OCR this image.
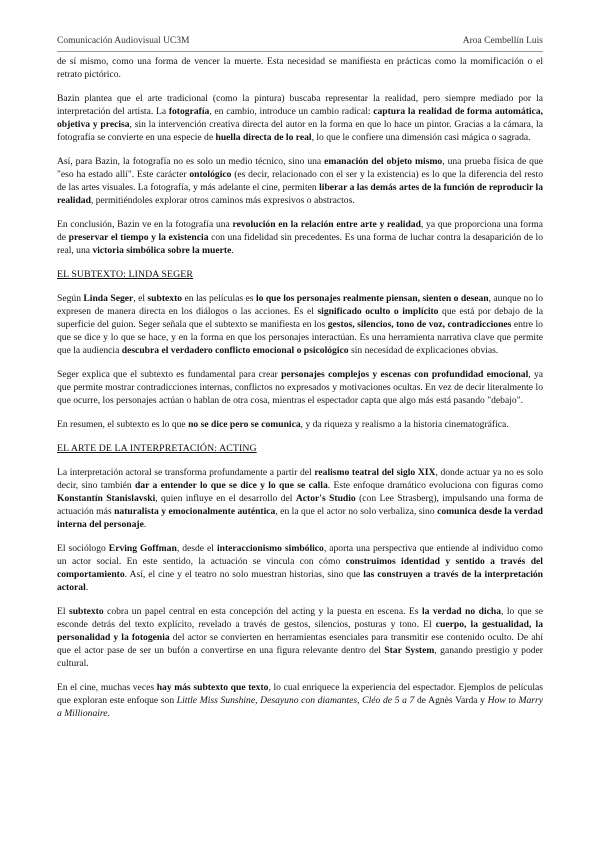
Comunicación Audiovisual UC3M	Aroa Cembellín Luis

de sí mismo, como una forma de vencer la muerte. Esta necesidad se manifiesta en prácticas como la momificación o el retrato pictórico.

Bazin plantea que el arte tradicional (como la pintura) buscaba representar la realidad, pero siempre mediado por la interpretación del artista. La fotografía, en cambio, introduce un cambio radical: captura la realidad de forma automática, objetiva y precisa, sin la intervención creativa directa del autor en la forma en que lo hace un pintor. Gracias a la cámara, la fotografía se convierte en una especie de huella directa de lo real, lo que le confiere una dimensión casi mágica o sagrada.

Así, para Bazin, la fotografía no es solo un medio técnico, sino una emanación del objeto mismo, una prueba física de que "eso ha estado allí". Este carácter ontológico (es decir, relacionado con el ser y la existencia) es lo que la diferencia del resto de las artes visuales. La fotografía, y más adelante el cine, permiten liberar a las demás artes de la función de reproducir la realidad, permitiéndoles explorar otros caminos más expresivos o abstractos.

En conclusión, Bazin ve en la fotografía una revolución en la relación entre arte y realidad, ya que proporciona una forma de preservar el tiempo y la existencia con una fidelidad sin precedentes. Es una forma de luchar contra la desaparición de lo real, una victoria simbólica sobre la muerte.

EL SUBTEXTO: LINDA SEGER

Según Linda Seger, el subtexto en las películas es lo que los personajes realmente piensan, sienten o desean, aunque no lo expresen de manera directa en los diálogos o las acciones. Es el significado oculto o implícito que está por debajo de la superficie del guion. Seger señala que el subtexto se manifiesta en los gestos, silencios, tono de voz, contradicciones entre lo que se dice y lo que se hace, y en la forma en que los personajes interactúan. Es una herramienta narrativa clave que permite que la audiencia descubra el verdadero conflicto emocional o psicológico sin necesidad de explicaciones obvias.

Seger explica que el subtexto es fundamental para crear personajes complejos y escenas con profundidad emocional, ya que permite mostrar contradicciones internas, conflictos no expresados y motivaciones ocultas. En vez de decir literalmente lo que ocurre, los personajes actúan o hablan de otra cosa, mientras el espectador capta que algo más está pasando "debajo".

En resumen, el subtexto es lo que no se dice pero se comunica, y da riqueza y realismo a la historia cinematográfica.

EL ARTE DE LA INTERPRETACIÓN: ACTING

La interpretación actoral se transforma profundamente a partir del realismo teatral del siglo XIX, donde actuar ya no es solo decir, sino también dar a entender lo que se dice y lo que se calla. Este enfoque dramático evoluciona con figuras como Konstantín Stanislavski, quien influye en el desarrollo del Actor's Studio (con Lee Strasberg), impulsando una forma de actuación más naturalista y emocionalmente auténtica, en la que el actor no solo verbaliza, sino comunica desde la verdad interna del personaje.

El sociólogo Erving Goffman, desde el interaccionismo simbólico, aporta una perspectiva que entiende al individuo como un actor social. En este sentido, la actuación se vincula con cómo construimos identidad y sentido a través del comportamiento. Así, el cine y el teatro no solo muestran historias, sino que las construyen a través de la interpretación actoral.

El subtexto cobra un papel central en esta concepción del acting y la puesta en escena. Es la verdad no dicha, lo que se esconde detrás del texto explícito, revelado a través de gestos, silencios, posturas y tono. El cuerpo, la gestualidad, la personalidad y la fotogenia del actor se convierten en herramientas esenciales para transmitir ese contenido oculto. De ahí que el actor pase de ser un bufón a convertirse en una figura relevante dentro del Star System, ganando prestigio y poder cultural.

En el cine, muchas veces hay más subtexto que texto, lo cual enriquece la experiencia del espectador. Ejemplos de películas que exploran este enfoque son Little Miss Sunshine, Desayuno con diamantes, Cléo de 5 a 7 de Agnès Varda y How to Marry a Millionaire.
